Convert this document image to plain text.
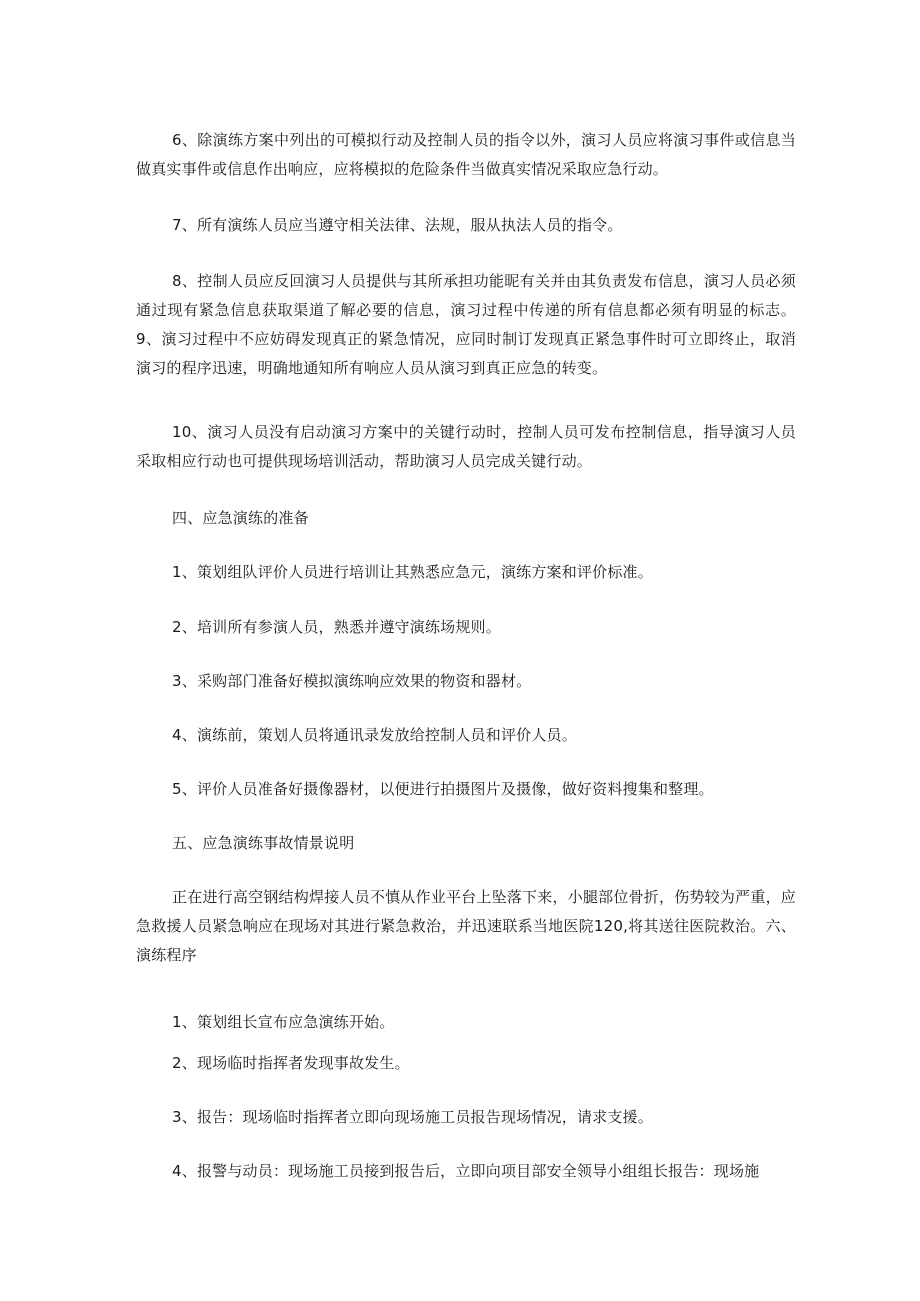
6、除演练方案中列出的可模拟行动及控制人员的指令以外，演习人员应将演习事件或信息当做真实事件或信息作出响应，应将模拟的危险条件当做真实情况采取应急行动。

7、所有演练人员应当遵守相关法律、法规，服从执法人员的指令。

8、控制人员应反回演习人员提供与其所承担功能昵有关并由其负责发布信息，演习人员必须通过现有紧急信息获取渠道了解必要的信息，演习过程中传递的所有信息都必须有明显的标志。9、演习过程中不应妨碍发现真正的紧急情况，应同时制订发现真正紧急事件时可立即终止，取消演习的程序迅速，明确地通知所有响应人员从演习到真正应急的转变。

10、演习人员没有启动演习方案中的关键行动时，控制人员可发布控制信息，指导演习人员采取相应行动也可提供现场培训活动，帮助演习人员完成关键行动。

四、应急演练的准备

1、策划组队评价人员进行培训让其熟悉应急元，演练方案和评价标准。

2、培训所有参演人员，熟悉并遵守演练场规则。

3、采购部门准备好模拟演练响应效果的物资和器材。

4、演练前，策划人员将通讯录发放给控制人员和评价人员。

5、评价人员准备好摄像器材，以便进行拍摄图片及摄像，做好资料搜集和整理。

五、应急演练事故情景说明

正在进行高空钢结构焊接人员不慎从作业平台上坠落下来，小腿部位骨折，伤势较为严重，应急救援人员紧急响应在现场对其进行紧急救治，并迅速联系当地医院120,将其送往医院救治。六、演练程序

1、策划组长宣布应急演练开始。

2、现场临时指挥者发现事故发生。

3、报告：现场临时指挥者立即向现场施工员报告现场情况，请求支援。

4、报警与动员：现场施工员接到报告后，立即向项目部安全领导小组组长报告：现场施
